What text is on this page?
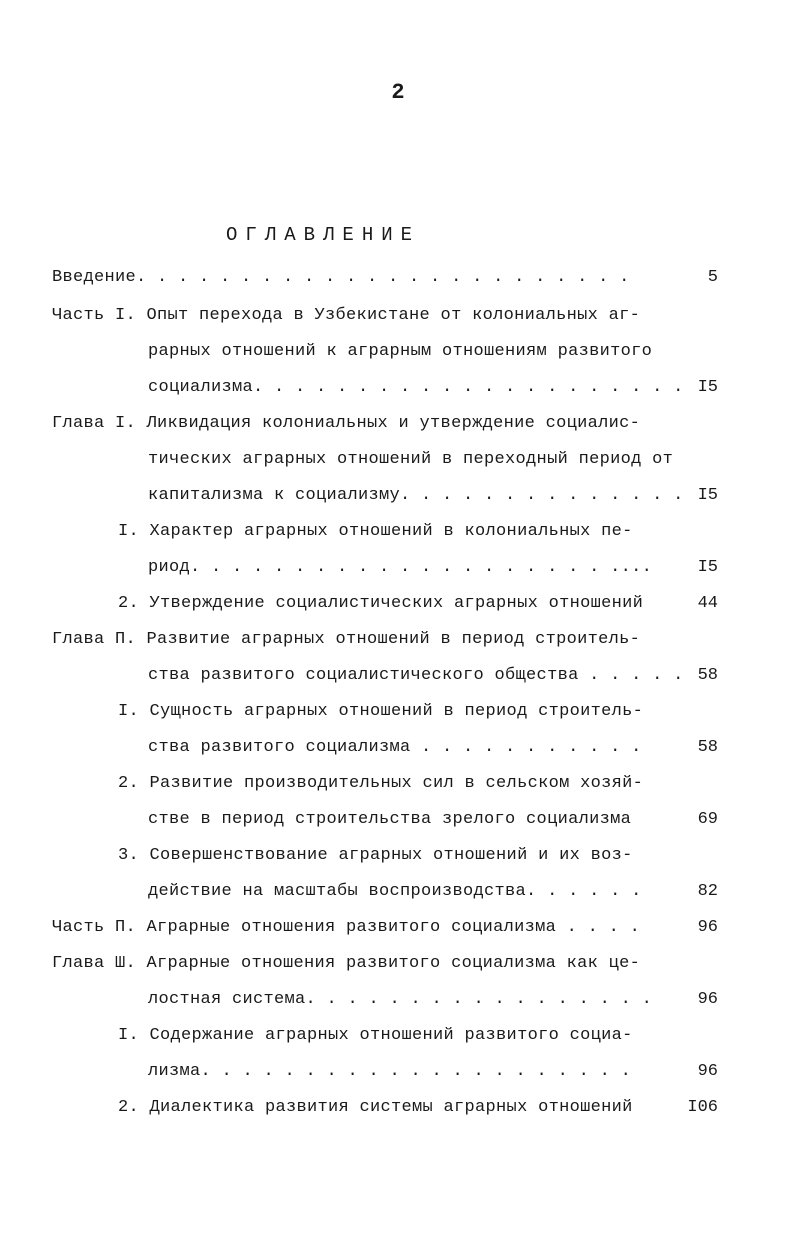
2
ОГЛАВЛЕНИЕ
Введение. . . . . . . . . . . . . . . . . . . . . . . .	5
Часть I. Опыт перехода в Узбекистане от колониальных аг-
рарных отношений к аграрным отношениям развитого
социализма. . . . . . . . . . . . . . . . . . . . . I5
Глава I. Ликвидация колониальных и утверждение социалис-
тических аграрных отношений в переходный период от
капитализма к социализму. . . . . . . . . . . . . . I5
I. Характер аграрных отношений в колониальных пе-
риод. . . . . . . . . . . . . . . . . . . . ....	I5
2. Утверждение социалистических аграрных отношений	44
Глава П. Развитие аграрных отношений в период строитель-
ства развитого социалистического общества . . . . . 58
I. Сущность аграрных отношений в период строитель-
ства развитого социализма . . . . . . . . . . .	58
2. Развитие производительных сил в сельском хозяй-
стве в период строительства зрелого социализма	69
3. Совершенствование аграрных отношений и их воз-
действие на масштабы воспроизводства. . . . . .	82
Часть П. Аграрные отношения развитого социализма . . . .	96
Глава Ш. Аграрные отношения развитого социализма как це-
лостная система. . . . . . . . . . . . . . . . .	96
I. Содержание аграрных отношений развитого социа-
лизма. . . . . . . . . . . . . . . . . . . . .	96
2. Диалектика развития системы аграрных отношений	I06
